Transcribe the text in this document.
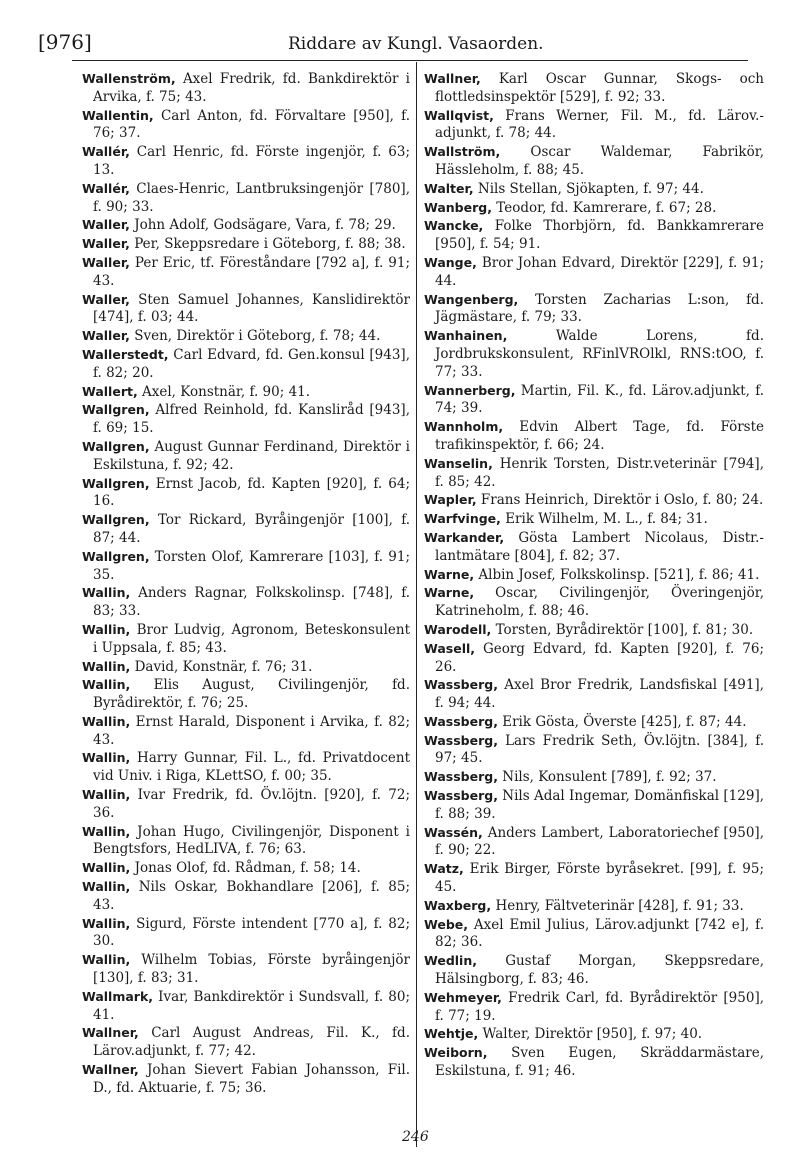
[976]	Riddare av Kungl. Vasaorden.

Wallenström, Axel Fredrik, fd. Bankdirektör i Arvika, f. 75; 43.

Wallentin, Carl Anton, fd. Förvaltare [950], f. 76; 37.

Wallér, Carl Henric, fd. Förste ingenjör, f. 63; 13.

Wallér, Claes-Henric, Lantbruksingenjör [780], f. 90; 33.

Waller, John Adolf, Godsägare, Vara, f. 78; 29.

Waller, Per, Skeppsredare i Göteborg, f. 88; 38.

Waller, Per Eric, tf. Föreståndare [792 a], f. 91; 43.

Waller, Sten Samuel Johannes, Kanslidirektör [474], f. 03; 44.

Waller, Sven, Direktör i Göteborg, f. 78; 44.

Wallerstedt, Carl Edvard, fd. Gen.konsul [943], f. 82; 20.

Wallert, Axel, Konstnär, f. 90; 41.

Wallgren, Alfred Reinhold, fd. Kansliråd [943], f. 69; 15.

Wallgren, August Gunnar Ferdinand, Direktör i Eskilstuna, f. 92; 42.

Wallgren, Ernst Jacob, fd. Kapten [920], f. 64; 16.

Wallgren, Tor Rickard, Byråingenjör [100], f. 87; 44.

Wallgren, Torsten Olof, Kamrerare [103], f. 91; 35.

Wallin, Anders Ragnar, Folkskolinsp. [748], f. 83; 33.

Wallin, Bror Ludvig, Agronom, Beteskonsulent i Uppsala, f. 85; 43.

Wallin, David, Konstnär, f. 76; 31.

Wallin, Elis August, Civilingenjör, fd. Byrådirektör, f. 76; 25.

Wallin, Ernst Harald, Disponent i Arvika, f. 82; 43.

Wallin, Harry Gunnar, Fil. L., fd. Privatdocent vid Univ. i Riga, KLettSO, f. 00; 35.

Wallin, Ivar Fredrik, fd. Öv.löjtn. [920], f. 72; 36.

Wallin, Johan Hugo, Civilingenjör, Disponent i Bengtsfors, HedLIVA, f. 76; 63.

Wallin, Jonas Olof, fd. Rådman, f. 58; 14.

Wallin, Nils Oskar, Bokhandlare [206], f. 85; 43.

Wallin, Sigurd, Förste intendent [770 a], f. 82; 30.

Wallin, Wilhelm Tobias, Förste byråingenjör [130], f. 83; 31.

Wallmark, Ivar, Bankdirektör i Sundsvall, f. 80; 41.

Wallner, Carl August Andreas, Fil. K., fd. Lärov.adjunkt, f. 77; 42.

Wallner, Johan Sievert Fabian Johansson, Fil. D., fd. Aktuarie, f. 75; 36.

Wallner, Karl Oscar Gunnar, Skogs- och flottledsinspektör [529], f. 92; 33.

Wallqvist, Frans Werner, Fil. M., fd. Lärov.-adjunkt, f. 78; 44.

Wallström, Oscar Waldemar, Fabrikör, Hässleholm, f. 88; 45.

Walter, Nils Stellan, Sjökapten, f. 97; 44.

Wanberg, Teodor, fd. Kamrerare, f. 67; 28.

Wancke, Folke Thorbjörn, fd. Bankkamrerare [950], f. 54; 91.

Wange, Bror Johan Edvard, Direktör [229], f. 91; 44.

Wangenberg, Torsten Zacharias L:son, fd. Jägmästare, f. 79; 33.

Wanhainen,	Walde Lorens, fd. Jordbrukskonsulent, RFinlVROlkl, RNS:tOO, f. 77; 33.

Wannerberg, Martin, Fil. K., fd. Lärov.adjunkt, f. 74; 39.

Wannholm, Edvin Albert Tage, fd. Förste trafikinspektör, f. 66; 24.

Wanselin, Henrik Torsten, Distr.veterinär [794], f. 85; 42.

Wapler, Frans Heinrich, Direktör i Oslo, f. 80; 24.

Warfvinge, Erik Wilhelm, M. L., f. 84; 31.

Warkander, Gösta Lambert Nicolaus, Distr.-lantmätare [804], f. 82; 37.

Warne, Albin Josef, Folkskolinsp. [521], f. 86; 41.

Warne, Oscar, Civilingenjör, Överingenjör, Katrineholm, f. 88; 46.

Warodell, Torsten, Byrådirektör [100], f. 81; 30.

Wasell, Georg Edvard, fd. Kapten [920], f. 76; 26.

Wassberg, Axel Bror Fredrik, Landsfiskal [491], f. 94; 44.

Wassberg, Erik Gösta, Överste [425], f. 87; 44.

Wassberg, Lars Fredrik Seth, Öv.löjtn. [384], f. 97; 45.

Wassberg, Nils, Konsulent [789], f. 92; 37.

Wassberg, Nils Adal Ingemar, Domänfiskal [129], f. 88; 39.

Wassén, Anders Lambert, Laboratoriechef [950], f. 90; 22.

Watz, Erik Birger, Förste byråsekret. [99], f. 95; 45.

Waxberg, Henry, Fältveterinär [428], f. 91; 33.

Webe, Axel Emil Julius, Lärov.adjunkt [742 e], f. 82; 36.

Wedlin, Gustaf Morgan, Skeppsredare, Hälsingborg, f. 83; 46.

Wehmeyer, Fredrik Carl, fd. Byrådirektör [950], f. 77; 19.

Wehtje, Walter, Direktör [950], f. 97; 40.

Weiborn, Sven Eugen, Skräddarmästare, Eskilstuna, f. 91; 46.

246
